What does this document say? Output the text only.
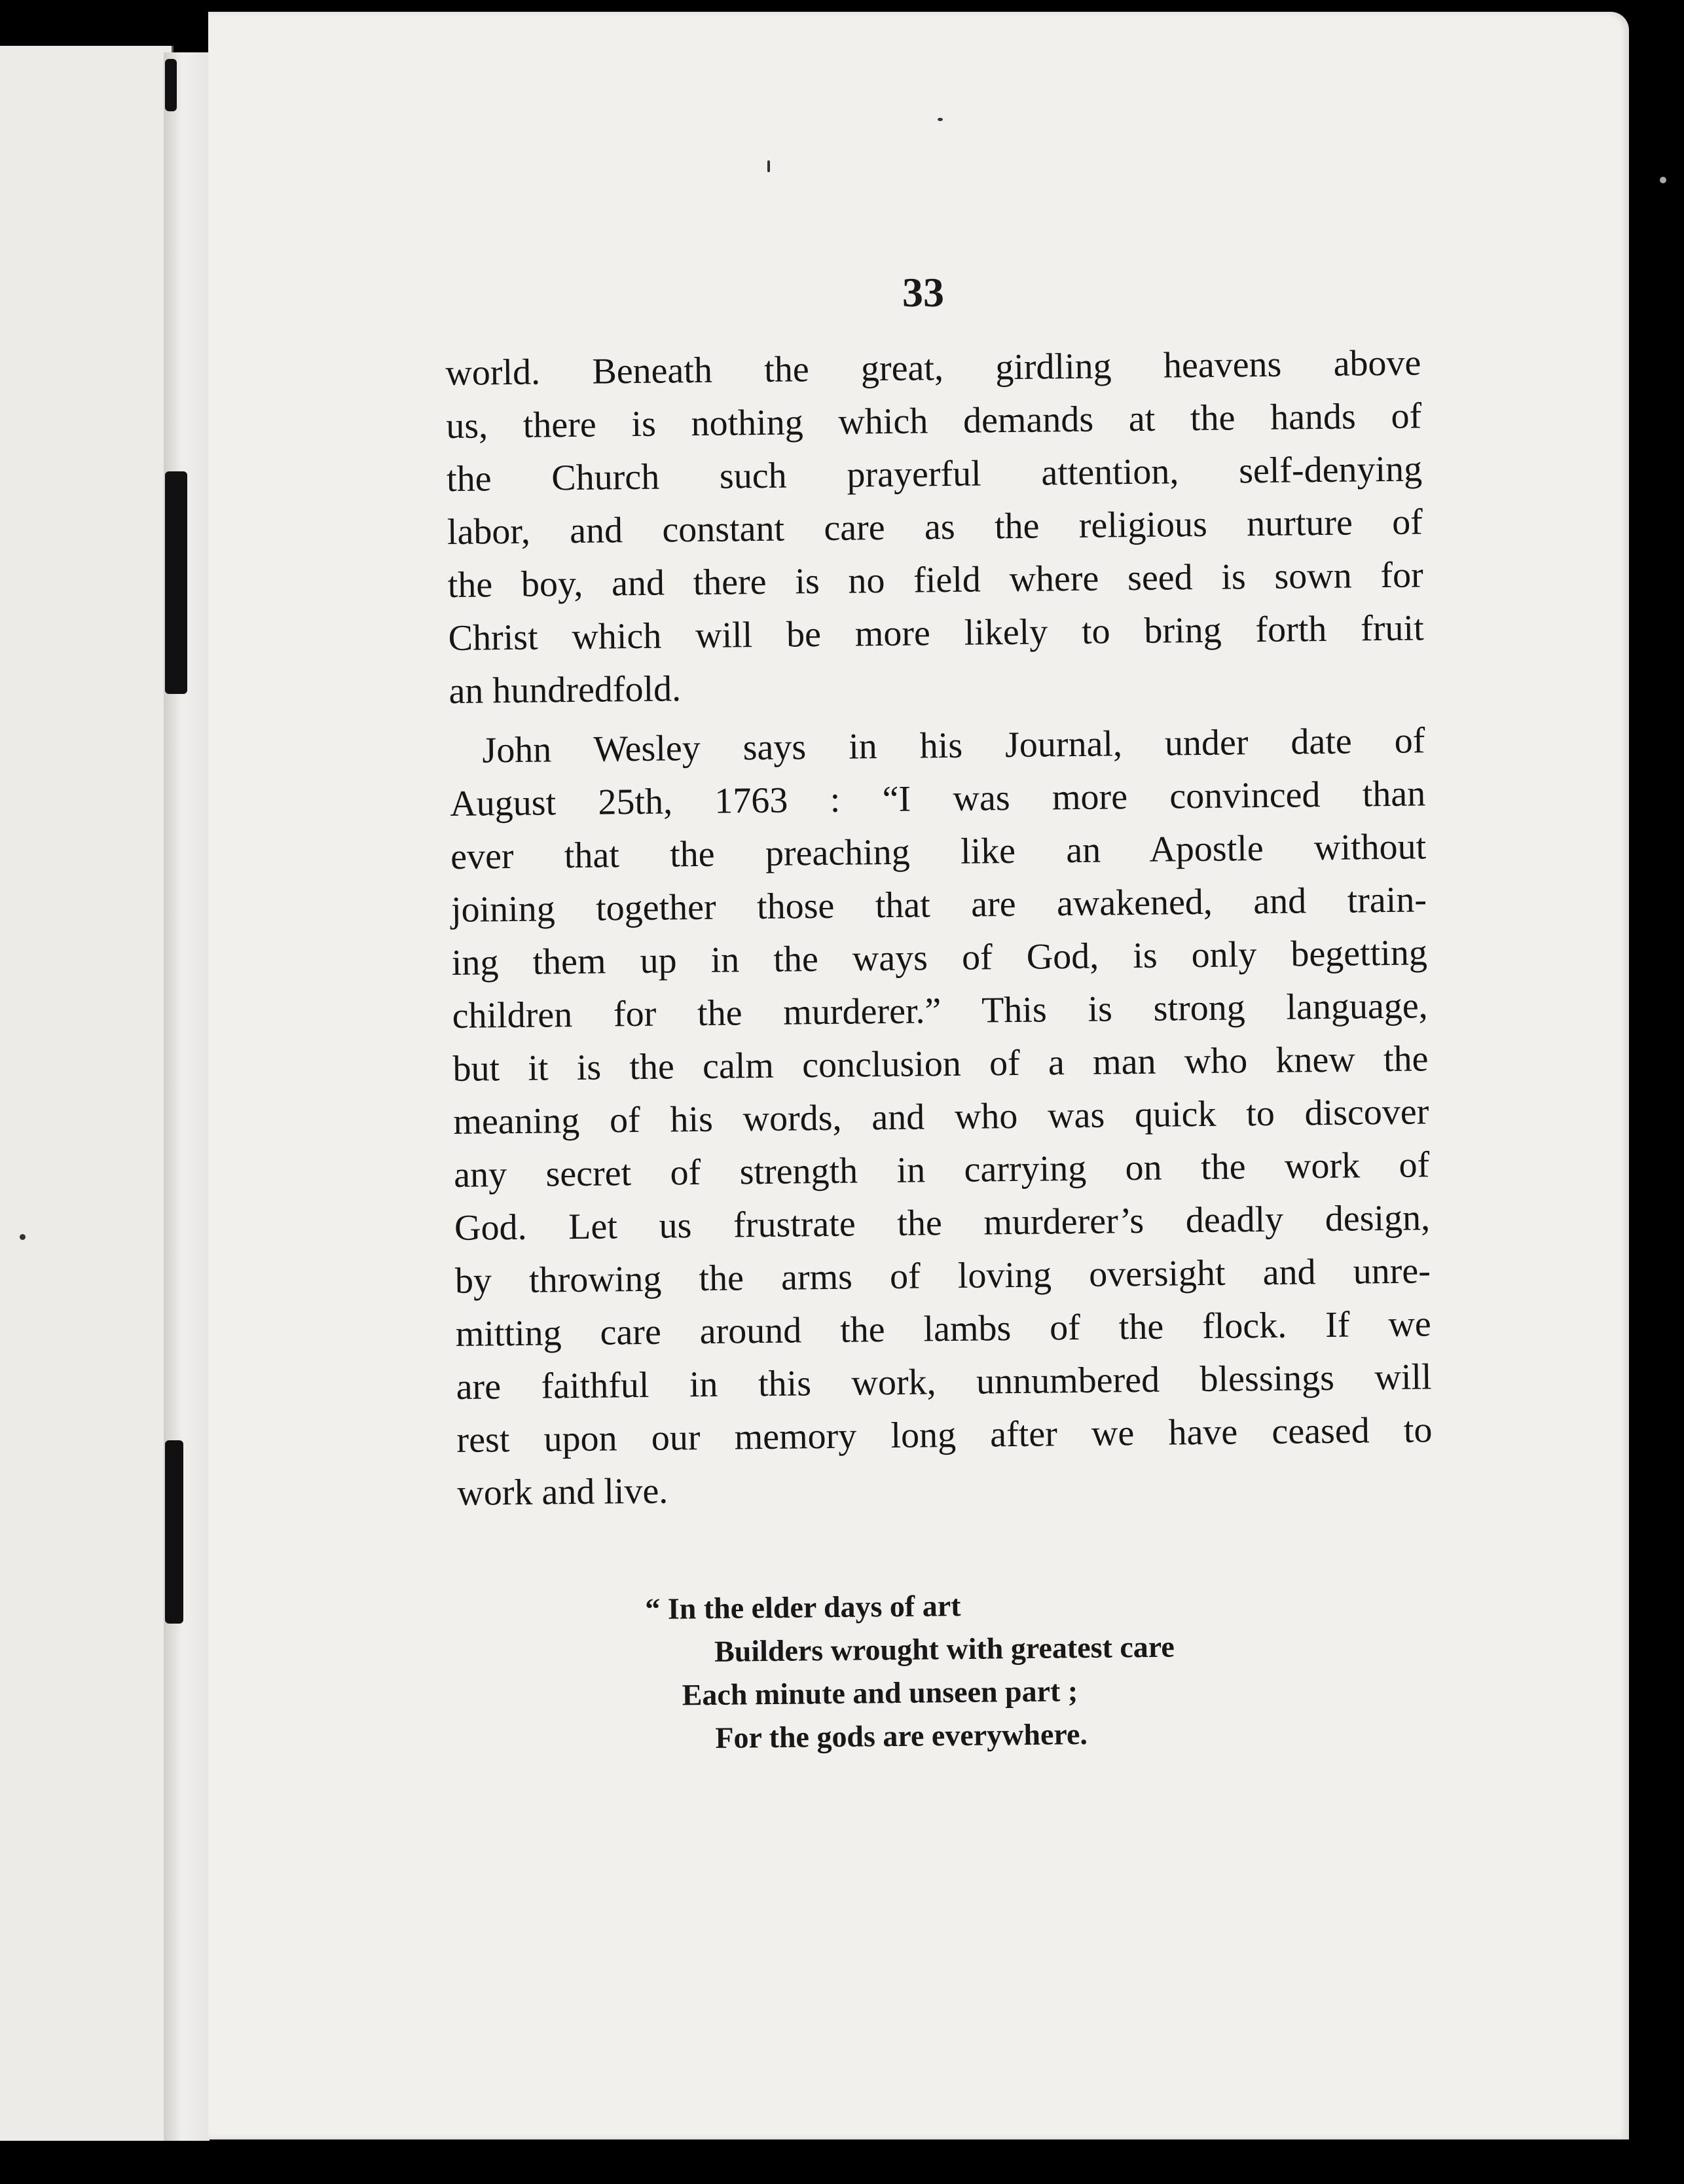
33
world. Beneath the great, girdling heavens above
us, there is nothing which demands at the hands of
the Church such prayerful attention, self-denying
labor, and constant care as the religious nurture of
the boy, and there is no field where seed is sown for
Christ which will be more likely to bring forth fruit
an hundredfold.
John Wesley says in his Journal, under date of
August 25th, 1763 : “I was more convinced than
ever that the preaching like an Apostle without
joining together those that are awakened, and train-
ing them up in the ways of God, is only begetting
children for the murderer.” This is strong language,
but it is the calm conclusion of a man who knew the
meaning of his words, and who was quick to discover
any secret of strength in carrying on the work of
God. Let us frustrate the murderer’s deadly design,
by throwing the arms of loving oversight and unre-
mitting care around the lambs of the flock. If we
are faithful in this work, unnumbered blessings will
rest upon our memory long after we have ceased to
work and live.
“ In the elder days of art
Builders wrought with greatest care
Each minute and unseen part ;
For the gods are everywhere.
